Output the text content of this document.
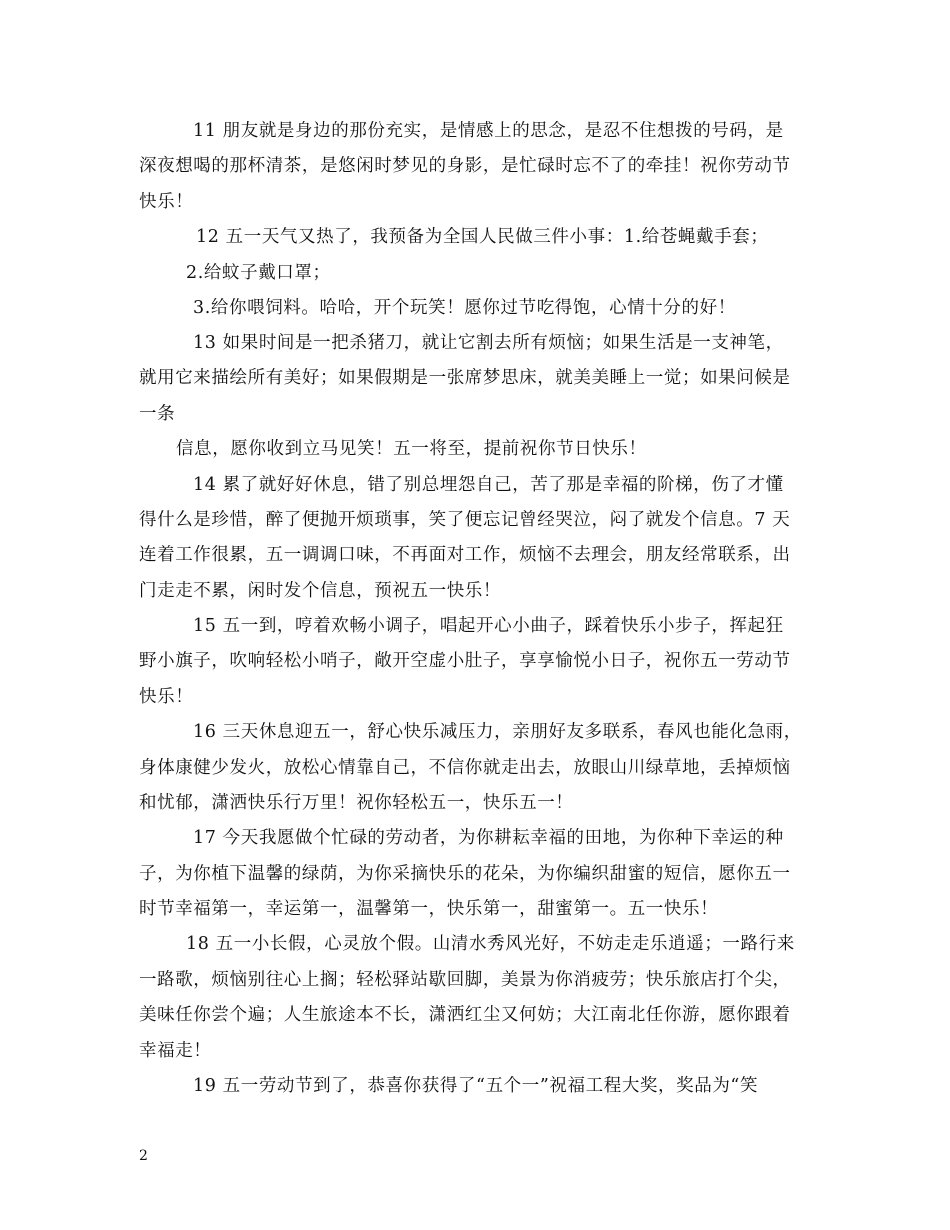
11 朋友就是身边的那份充实，是情感上的思念，是忍不住想拨的号码，是
深夜想喝的那杯清茶，是悠闲时梦见的身影，是忙碌时忘不了的牵挂！祝你劳动节
快乐！
12 五一天气又热了，我预备为全国人民做三件小事：1.给苍蝇戴手套；
2.给蚊子戴口罩；
3.给你喂饲料。哈哈，开个玩笑！愿你过节吃得饱，心情十分的好！
13 如果时间是一把杀猪刀，就让它割去所有烦恼；如果生活是一支神笔，
就用它来描绘所有美好；如果假期是一张席梦思床，就美美睡上一觉；如果问候是
一条
信息，愿你收到立马见笑！五一将至，提前祝你节日快乐！
14 累了就好好休息，错了别总埋怨自己，苦了那是幸福的阶梯，伤了才懂
得什么是珍惜，醉了便抛开烦琐事，笑了便忘记曾经哭泣，闷了就发个信息。7 天
连着工作很累，五一调调口味，不再面对工作，烦恼不去理会，朋友经常联系，出
门走走不累，闲时发个信息，预祝五一快乐！
15 五一到，哼着欢畅小调子，唱起开心小曲子，踩着快乐小步子，挥起狂
野小旗子，吹响轻松小哨子，敞开空虚小肚子，享享愉悦小日子，祝你五一劳动节
快乐！
16 三天休息迎五一，舒心快乐减压力，亲朋好友多联系，春风也能化急雨，
身体康健少发火，放松心情靠自己，不信你就走出去，放眼山川绿草地，丢掉烦恼
和忧郁，潇洒快乐行万里！祝你轻松五一，快乐五一！
17 今天我愿做个忙碌的劳动者，为你耕耘幸福的田地，为你种下幸运的种
子，为你植下温馨的绿荫，为你采摘快乐的花朵，为你编织甜蜜的短信，愿你五一
时节幸福第一，幸运第一，温馨第一，快乐第一，甜蜜第一。五一快乐！
18 五一小长假，心灵放个假。山清水秀风光好，不妨走走乐逍遥；一路行来
一路歌，烦恼别往心上搁；轻松驿站歇回脚，美景为你消疲劳；快乐旅店打个尖，
美味任你尝个遍；人生旅途本不长，潇洒红尘又何妨；大江南北任你游，愿你跟着
幸福走！
19 五一劳动节到了，恭喜你获得了“五个一”祝福工程大奖，奖品为“笑
2
